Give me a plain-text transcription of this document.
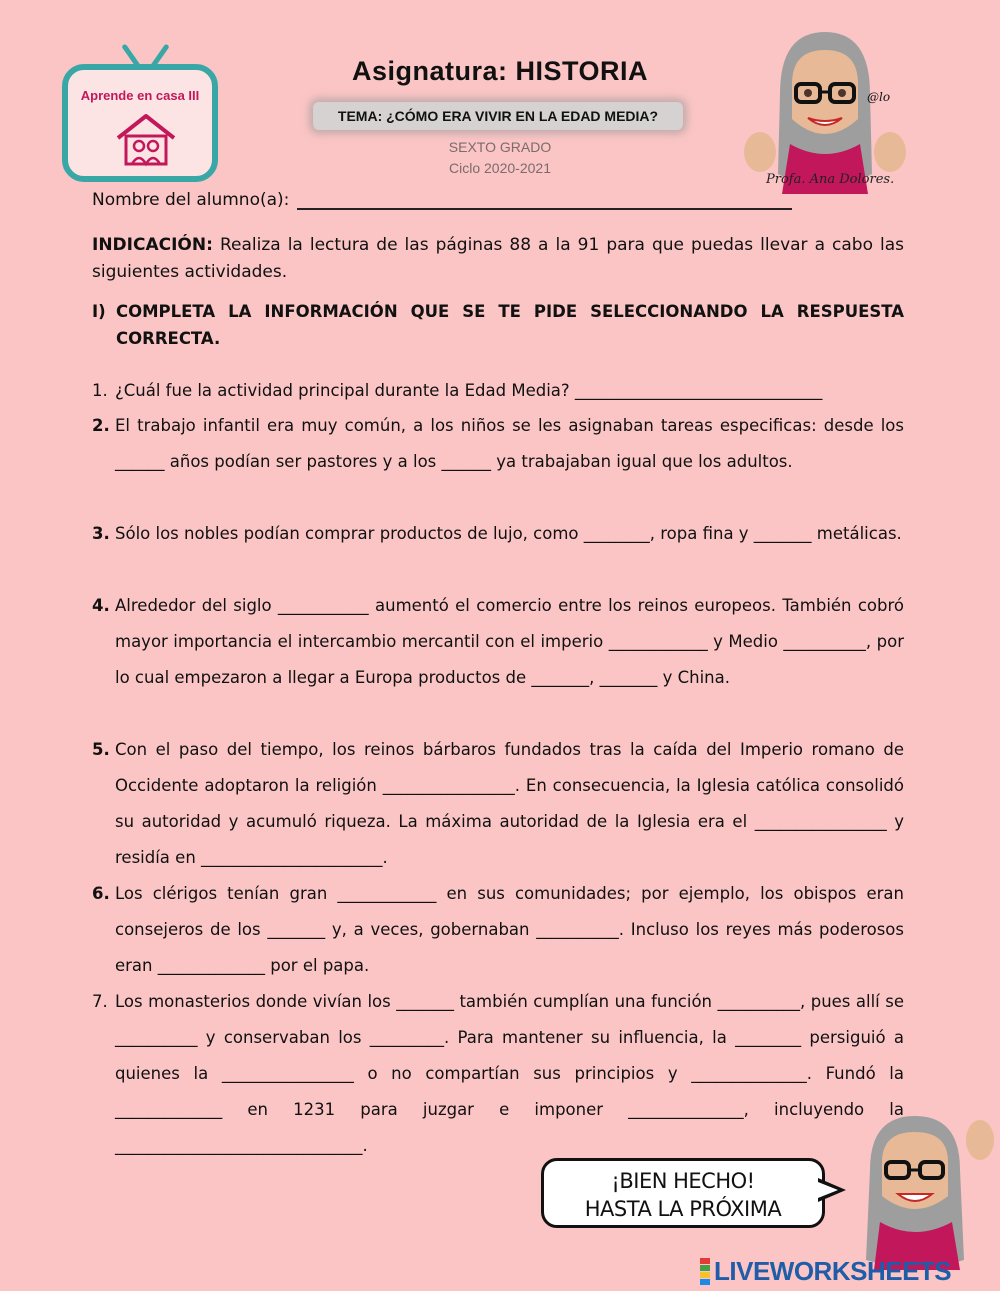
Aprende en casa III
Asignatura: HISTORIA
TEMA: ¿CÓMO ERA VIVIR EN LA EDAD MEDIA?
SEXTO GRADO
Ciclo 2020-2021
@lo
Profa. Ana Dolores.
Nombre del alumno(a):
INDICACIÓN: Realiza la lectura de las páginas 88 a la 91 para que puedas llevar a cabo las siguientes actividades.
I) COMPLETA LA INFORMACIÓN QUE SE TE PIDE SELECCIONANDO LA RESPUESTA CORRECTA.
1. ¿Cuál fue la actividad principal durante la Edad Media? ______________________________
2. El trabajo infantil era muy común, a los niños se les asignaban tareas especificas: desde los ______ años podían ser pastores y a los ______ ya trabajaban igual que los adultos.
3. Sólo los nobles podían comprar productos de lujo, como ________, ropa fina y _______ metálicas.
4. Alrededor del siglo ___________ aumentó el comercio entre los reinos europeos. También cobró mayor importancia el intercambio mercantil con el imperio ____________ y Medio __________, por lo cual empezaron a llegar a Europa productos de _______, _______ y China.
5. Con el paso del tiempo, los reinos bárbaros fundados tras la caída del Imperio romano de Occidente adoptaron la religión ________________. En consecuencia, la Iglesia católica consolidó su autoridad y acumuló riqueza. La máxima autoridad de la Iglesia era el ________________ y residía en ______________________.
6. Los clérigos tenían gran ____________ en sus comunidades; por ejemplo, los obispos eran consejeros de los _______ y, a veces, gobernaban __________. Incluso los reyes más poderosos eran _____________ por el papa.
7. Los monasterios donde vivían los _______ también cumplían una función __________, pues allí se __________ y conservaban los _________. Para mantener su influencia, la ________ persiguió a quienes la ________________ o no compartían sus principios y ______________. Fundó la _____________ en 1231 para juzgar e imponer ______________, incluyendo la ______________________________.
¡BIEN HECHO!
HASTA LA PRÓXIMA
LIVEWORKSHEETS
